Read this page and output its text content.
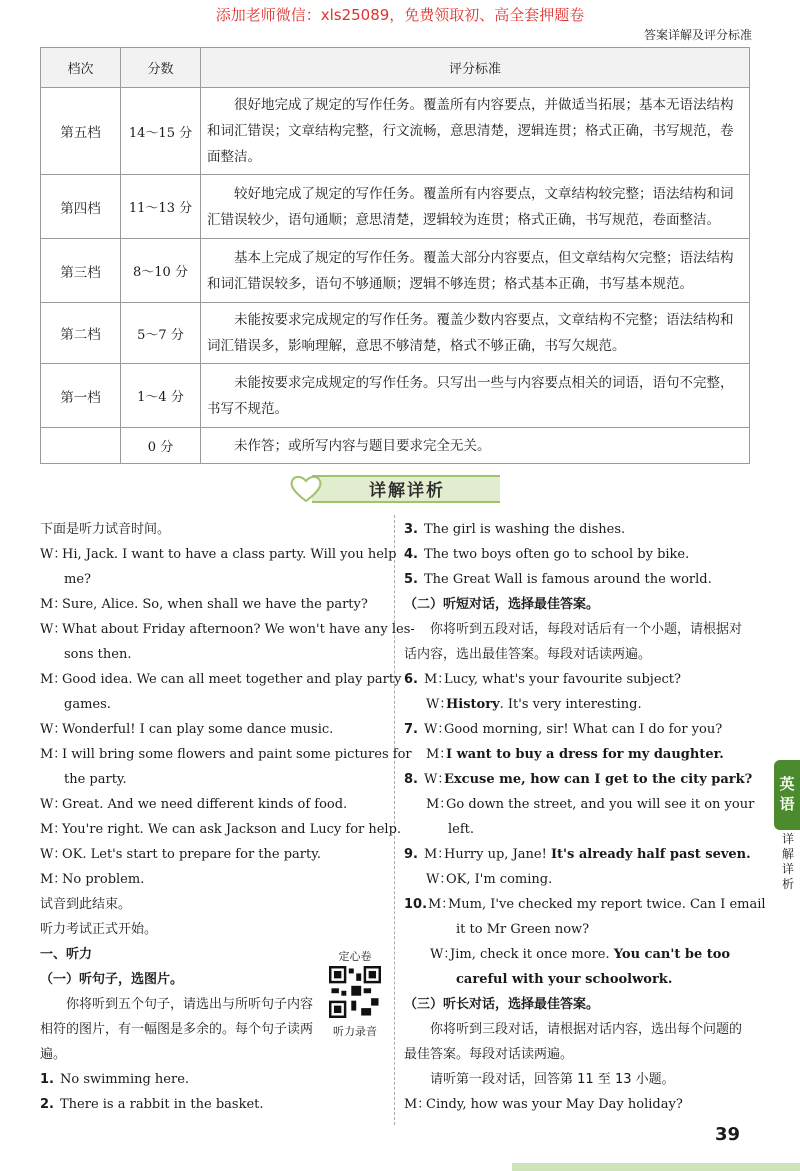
添加老师微信：xls25089，免费领取初、高全套押题卷
答案详解及评分标准
档次	分数	评分标准
第五档	14～15 分	很好地完成了规定的写作任务。覆盖所有内容要点，并做适当拓展；基本无语法结构和词汇错误；文章结构完整，行文流畅，意思清楚，逻辑连贯；格式正确，书写规范，卷面整洁。
第四档	11～13 分	较好地完成了规定的写作任务。覆盖所有内容要点，文章结构较完整；语法结构和词汇错误较少，语句通顺；意思清楚，逻辑较为连贯；格式正确，书写规范，卷面整洁。
第三档	8～10 分	基本上完成了规定的写作任务。覆盖大部分内容要点，但文章结构欠完整；语法结构和词汇错误较多，语句不够通顺；逻辑不够连贯；格式基本正确，书写基本规范。
第二档	5～7 分	未能按要求完成规定的写作任务。覆盖少数内容要点，文章结构不完整；语法结构和词汇错误多，影响理解，意思不够清楚，格式不够正确，书写欠规范。
第一档	1～4 分	未能按要求完成规定的写作任务。只写出一些与内容要点相关的词语，语句不完整，书写不规范。
	0 分	未作答；或所写内容与题目要求完全无关。
详解详析
下面是听力试音时间。
W：Hi, Jack. I want to have a class party. Will you help
me?
M：Sure, Alice. So, when shall we have the party?
W：What about Friday afternoon? We won't have any les-
sons then.
M：Good idea. We can all meet together and play party
games.
W：Wonderful! I can play some dance music.
M：I will bring some flowers and paint some pictures for
the party.
W：Great. And we need different kinds of food.
M：You're right. We can ask Jackson and Lucy for help.
W：OK. Let's start to prepare for the party.
M：No problem.
试音到此结束。
听力考试正式开始。
一、听力
（一）听句子，选图片。
你将听到五个句子，请选出与所听句子内容相符的图片，有一幅图是多余的。每个句子读两遍。
1. No swimming here.
2. There is a rabbit in the basket.
定心卷
听力录音
3. The girl is washing the dishes.
4. The two boys often go to school by bike.
5. The Great Wall is famous around the world.
（二）听短对话，选择最佳答案。
你将听到五段对话，每段对话后有一个小题，请根据对话内容，选出最佳答案。每段对话读两遍。
6. M：Lucy, what's your favourite subject?
W：History. It's very interesting.
7. W：Good morning, sir! What can I do for you?
M：I want to buy a dress for my daughter.
8. W：Excuse me, how can I get to the city park?
M：Go down the street, and you will see it on your
left.
9. M：Hurry up, Jane! It's already half past seven.
W：OK, I'm coming.
10.M：Mum, I've checked my report twice. Can I email
it to Mr Green now?
W：Jim, check it once more. You can't be too
careful with your schoolwork.
（三）听长对话，选择最佳答案。
你将听到三段对话，请根据对话内容，选出每个问题的最佳答案。每段对话读两遍。
请听第一段对话，回答第 11 至 13 小题。
M：Cindy, how was your May Day holiday?
英语
详解详析
39
